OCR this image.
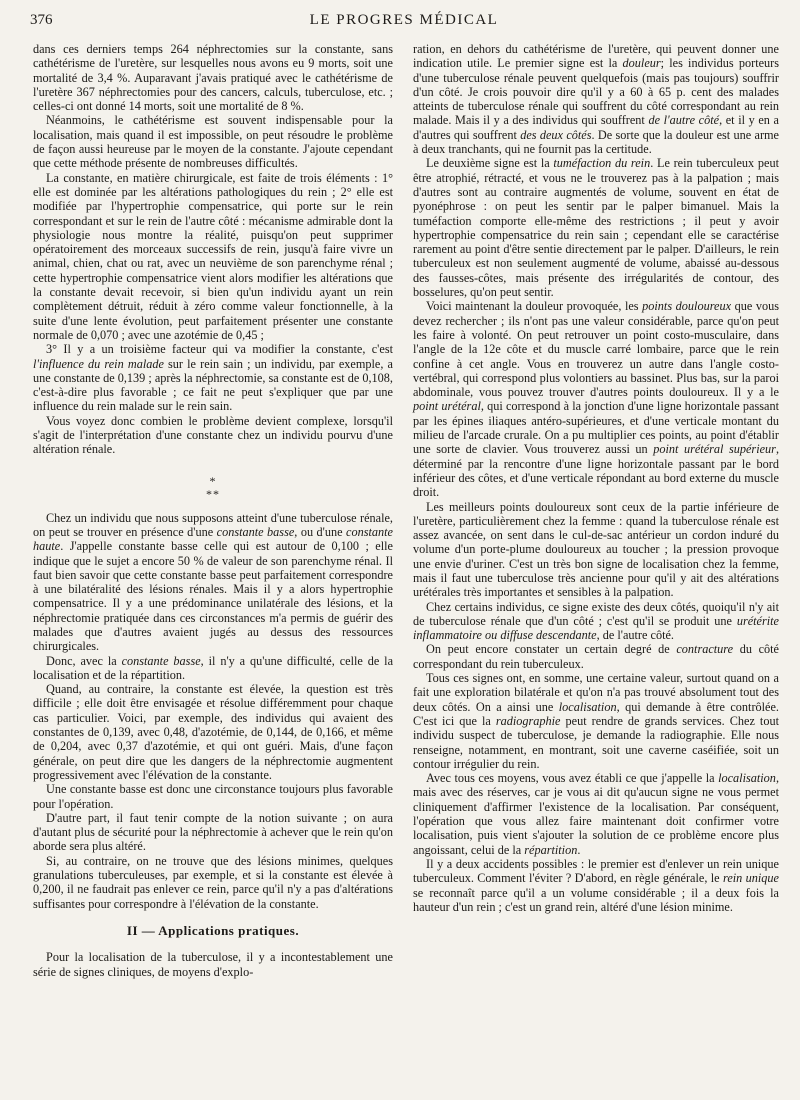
376	LE PROGRES MÉDICAL

dans ces derniers temps 264 néphrectomies sur la constante, sans cathétérisme de l'uretère, sur lesquelles nous avons eu 9 morts, soit une mortalité de 3,4 %. Auparavant j'avais pratiqué avec le cathétérisme de l'uretère 367 néphrectomies pour des cancers, calculs, tuberculose, etc. ; celles-ci ont donné 14 morts, soit une mortalité de 8 %.

Néanmoins, le cathétérisme est souvent indispensable pour la localisation, mais quand il est impossible, on peut résoudre le problème de façon aussi heureuse par le moyen de la constante. J'ajoute cependant que cette méthode présente de nombreuses difficultés.

La constante, en matière chirurgicale, est faite de trois éléments : 1° elle est dominée par les altérations pathologiques du rein ; 2° elle est modifiée par l'hypertrophie compensatrice, qui porte sur le rein correspondant et sur le rein de l'autre côté : mécanisme admirable dont la physiologie nous montre la réalité, puisqu'on peut supprimer opératoirement des morceaux successifs de rein, jusqu'à faire vivre un animal, chien, chat ou rat, avec un neuvième de son parenchyme rénal ; cette hypertrophie compensatrice vient alors modifier les altérations que la constante devait recevoir, si bien qu'un individu ayant un rein complètement détruit, réduit à zéro comme valeur fonctionnelle, à la suite d'une lente évolution, peut parfaitement présenter une constante normale de 0,070 ; avec une azotémie de 0,45 ;

3° Il y a un troisième facteur qui va modifier la constante, c'est l'influence du rein malade sur le rein sain ; un individu, par exemple, a une constante de 0,139 ; après la néphrectomie, sa constante est de 0,108, c'est-à-dire plus favorable ; ce fait ne peut s'expliquer que par une influence du rein malade sur le rein sain.

Vous voyez donc combien le problème devient complexe, lorsqu'il s'agit de l'interprétation d'une constante chez un individu pourvu d'une altération rénale.

*
**

Chez un individu que nous supposons atteint d'une tuberculose rénale, on peut se trouver en présence d'une constante basse, ou d'une constante haute. J'appelle constante basse celle qui est autour de 0,100 ; elle indique que le sujet a encore 50 % de valeur de son parenchyme rénal. Il faut bien savoir que cette constante basse peut parfaitement correspondre à une bilatéralité des lésions rénales. Mais il y a alors hypertrophie compensatrice. Il y a une prédominance unilatérale des lésions, et la néphrectomie pratiquée dans ces circonstances m'a permis de guérir des malades que d'autres avaient jugés au dessus des ressources chirurgicales.

Donc, avec la constante basse, il n'y a qu'une difficulté, celle de la localisation et de la répartition.

Quand, au contraire, la constante est élevée, la question est très difficile ; elle doit être envisagée et résolue différemment pour chaque cas particulier. Voici, par exemple, des individus qui avaient des constantes de 0,139, avec 0,48, d'azotémie, de 0,144, de 0,166, et même de 0,204, avec 0,37 d'azotémie, et qui ont guéri. Mais, d'une façon générale, on peut dire que les dangers de la néphrectomie augmentent progressivement avec l'élévation de la constante.

Une constante basse est donc une circonstance toujours plus favorable pour l'opération.

D'autre part, il faut tenir compte de la notion suivante ; on aura d'autant plus de sécurité pour la néphrectomie à achever que le rein qu'on aborde sera plus altéré.

Si, au contraire, on ne trouve que des lésions minimes, quelques granulations tuberculeuses, par exemple, et si la constante est élevée à 0,200, il ne faudrait pas enlever ce rein, parce qu'il n'y a pas d'altérations suffisantes pour correspondre à l'élévation de la constante.

II — Applications pratiques.

Pour la localisation de la tuberculose, il y a incontestablement une série de signes cliniques, de moyens d'explo-

ration, en dehors du cathétérisme de l'uretère, qui peuvent donner une indication utile. Le premier signe est la douleur; les individus porteurs d'une tuberculose rénale peuvent quelquefois (mais pas toujours) souffrir d'un côté. Je crois pouvoir dire qu'il y a 60 à 65 p. cent des malades atteints de tuberculose rénale qui souffrent du côté correspondant au rein malade. Mais il y a des individus qui souffrent de l'autre côté, et il y en a d'autres qui souffrent des deux côtés. De sorte que la douleur est une arme à deux tranchants, qui ne fournit pas la certitude.

Le deuxième signe est la tuméfaction du rein. Le rein tuberculeux peut être atrophié, rétracté, et vous ne le trouverez pas à la palpation ; mais d'autres sont au contraire augmentés de volume, souvent en état de pyonéphrose : on peut les sentir par le palper bimanuel. Mais la tuméfaction comporte elle-même des restrictions ; il peut y avoir hypertrophie compensatrice du rein sain ; cependant elle se caractérise rarement au point d'être sentie directement par le palper. D'ailleurs, le rein tuberculeux est non seulement augmenté de volume, abaissé au-dessous des fausses-côtes, mais présente des irrégularités de contour, des bosselures, qu'on peut sentir.

Voici maintenant la douleur provoquée, les points douloureux que vous devez rechercher ; ils n'ont pas une valeur considérable, parce qu'on peut les faire à volonté. On peut retrouver un point costo-musculaire, dans l'angle de la 12e côte et du muscle carré lombaire, parce que le rein confine à cet angle. Vous en trouverez un autre dans l'angle costo-vertébral, qui correspond plus volontiers au bassinet. Plus bas, sur la paroi abdominale, vous pouvez trouver d'autres points douloureux. Il y a le point urétéral, qui correspond à la jonction d'une ligne horizontale passant par les épines iliaques antéro-supérieures, et d'une verticale montant du milieu de l'arcade crurale. On a pu multiplier ces points, au point d'établir une sorte de clavier. Vous trouverez aussi un point urétéral supérieur, déterminé par la rencontre d'une ligne horizontale passant par le bord inférieur des côtes, et d'une verticale répondant au bord externe du muscle droit.

Les meilleurs points douloureux sont ceux de la partie inférieure de l'uretère, particulièrement chez la femme : quand la tuberculose rénale est assez avancée, on sent dans le cul-de-sac antérieur un cordon induré du volume d'un porte-plume douloureux au toucher ; la pression provoque une envie d'uriner. C'est un très bon signe de localisation chez la femme, mais il faut une tuberculose très ancienne pour qu'il y ait des altérations urétérales très importantes et sensibles à la palpation.

Chez certains individus, ce signe existe des deux côtés, quoiqu'il n'y ait de tuberculose rénale que d'un côté ; c'est qu'il se produit une urétérite inflammatoire ou diffuse descendante, de l'autre côté.

On peut encore constater un certain degré de contracture du côté correspondant du rein tuberculeux.

Tous ces signes ont, en somme, une certaine valeur, surtout quand on a fait une exploration bilatérale et qu'on n'a pas trouvé absolument tout des deux côtés. On a ainsi une localisation, qui demande à être contrôlée. C'est ici que la radiographie peut rendre de grands services. Chez tout individu suspect de tuberculose, je demande la radiographie. Elle nous renseigne, notamment, en montrant, soit une caverne caséifiée, soit un contour irrégulier du rein.

Avec tous ces moyens, vous avez établi ce que j'appelle la localisation, mais avec des réserves, car je vous ai dit qu'aucun signe ne vous permet cliniquement d'affirmer l'existence de la localisation. Par conséquent, l'opération que vous allez faire maintenant doit confirmer votre localisation, puis vient s'ajouter la solution de ce problème encore plus angoissant, celui de la répartition.

Il y a deux accidents possibles : le premier est d'enlever un rein unique tuberculeux. Comment l'éviter ? D'abord, en règle générale, le rein unique se reconnaît parce qu'il a un volume considérable ; il a deux fois la hauteur d'un rein ; c'est un grand rein, altéré d'une lésion minime.
